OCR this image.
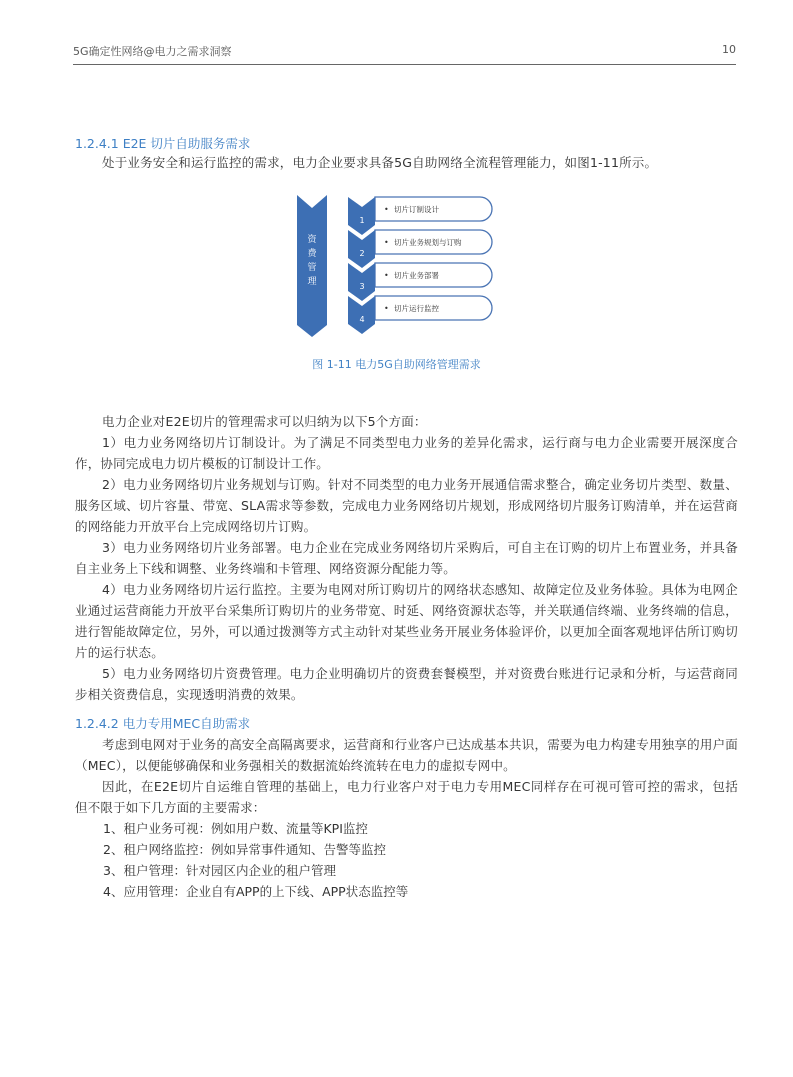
5G确定性网络@电力之需求洞察	10
1.2.4.1 E2E 切片自助服务需求
处于业务安全和运行监控的需求，电力企业要求具备5G自助网络全流程管理能力，如图1-11所示。
资
费
管
理
1
• 切片订制设计
2
• 切片业务规划与订购
3
• 切片业务部署
4
• 切片运行监控
图 1-11 电力5G自助网络管理需求
电力企业对E2E切片的管理需求可以归纳为以下5个方面：
1）电力业务网络切片订制设计。为了满足不同类型电力业务的差异化需求，运行商与电力企业需要开展深度合作，协同完成电力切片模板的订制设计工作。
2）电力业务网络切片业务规划与订购。针对不同类型的电力业务开展通信需求整合，确定业务切片类型、数量、服务区域、切片容量、带宽、SLA需求等参数，完成电力业务网络切片规划，形成网络切片服务订购清单，并在运营商的网络能力开放平台上完成网络切片订购。
3）电力业务网络切片业务部署。电力企业在完成业务网络切片采购后，可自主在订购的切片上布置业务，并具备自主业务上下线和调整、业务终端和卡管理、网络资源分配能力等。
4）电力业务网络切片运行监控。主要为电网对所订购切片的网络状态感知、故障定位及业务体验。具体为电网企业通过运营商能力开放平台采集所订购切片的业务带宽、时延、网络资源状态等，并关联通信终端、业务终端的信息，进行智能故障定位，另外，可以通过拨测等方式主动针对某些业务开展业务体验评价，以更加全面客观地评估所订购切片的运行状态。
5）电力业务网络切片资费管理。电力企业明确切片的资费套餐模型，并对资费台账进行记录和分析，与运营商同步相关资费信息，实现透明消费的效果。
1.2.4.2 电力专用MEC自助需求
考虑到电网对于业务的高安全高隔离要求，运营商和行业客户已达成基本共识，需要为电力构建专用独享的用户面（MEC），以便能够确保和业务强相关的数据流始终流转在电力的虚拟专网中。
因此，在E2E切片自运维自管理的基础上，电力行业客户对于电力专用MEC同样存在可视可管可控的需求，包括但不限于如下几方面的主要需求：
1、租户业务可视：例如用户数、流量等KPI监控
2、租户网络监控：例如异常事件通知、告警等监控
3、租户管理：针对园区内企业的租户管理
4、应用管理：企业自有APP的上下线、APP状态监控等
